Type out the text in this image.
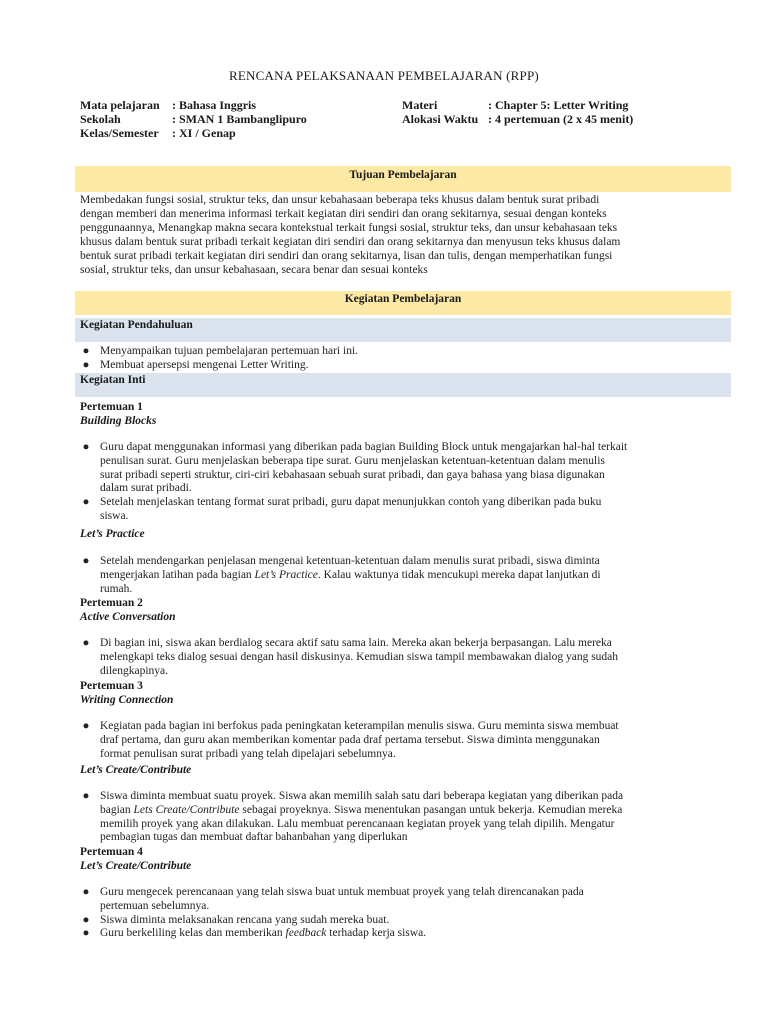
RENCANA PELAKSANAAN PEMBELAJARAN (RPP)
Mata pelajaran : Bahasa Inggris
Sekolah	: SMAN 1 Bambanglipuro
Kelas/Semester : XI / Genap
Materi	: Chapter 5: Letter Writing
Alokasi Waktu : 4 pertemuan (2 x 45 menit)
Tujuan Pembelajaran
Membedakan fungsi sosial, struktur teks, dan unsur kebahasaan beberapa teks khusus dalam bentuk surat pribadi
dengan memberi dan menerima informasi terkait kegiatan diri sendiri dan orang sekitarnya, sesuai dengan konteks
penggunaannya, Menangkap makna secara kontekstual terkait fungsi sosial, struktur teks, dan unsur kebahasaan teks
khusus dalam bentuk surat pribadi terkait kegiatan diri sendiri dan orang sekitarnya dan menyusun teks khusus dalam
bentuk surat pribadi terkait kegiatan diri sendiri dan orang sekitarnya, lisan dan tulis, dengan memperhatikan fungsi
sosial, struktur teks, dan unsur kebahasaan, secara benar dan sesuai konteks
Kegiatan Pembelajaran
Kegiatan Pendahuluan
● Menyampaikan tujuan pembelajaran pertemuan hari ini.
● Membuat apersepsi mengenai Letter Writing.
Kegiatan Inti
Pertemuan 1
Building Blocks
● Guru dapat menggunakan informasi yang diberikan pada bagian Building Block untuk mengajarkan hal-hal terkait
penulisan surat. Guru menjelaskan beberapa tipe surat. Guru menjelaskan ketentuan-ketentuan dalam menulis
surat pribadi seperti struktur, ciri-ciri kebahasaan sebuah surat pribadi, dan gaya bahasa yang biasa digunakan
dalam surat pribadi.
● Setelah menjelaskan tentang format surat pribadi, guru dapat menunjukkan contoh yang diberikan pada buku
siswa.
Let’s Practice
● Setelah mendengarkan penjelasan mengenai ketentuan-ketentuan dalam menulis surat pribadi, siswa diminta
mengerjakan latihan pada bagian Let’s Practice. Kalau waktunya tidak mencukupi mereka dapat lanjutkan di
rumah.
Pertemuan 2
Active Conversation
● Di bagian ini, siswa akan berdialog secara aktif satu sama lain. Mereka akan bekerja berpasangan. Lalu mereka
melengkapi teks dialog sesuai dengan hasil diskusinya. Kemudian siswa tampil membawakan dialog yang sudah
dilengkapinya.
Pertemuan 3
Writing Connection
● Kegiatan pada bagian ini berfokus pada peningkatan keterampilan menulis siswa. Guru meminta siswa membuat
draf pertama, dan guru akan memberikan komentar pada draf pertama tersebut. Siswa diminta menggunakan
format penulisan surat pribadi yang telah dipelajari sebelumnya.
Let’s Create/Contribute
● Siswa diminta membuat suatu proyek. Siswa akan memilih salah satu dari beberapa kegiatan yang diberikan pada
bagian Lets Create/Contribute sebagai proyeknya. Siswa menentukan pasangan untuk bekerja. Kemudian mereka
memilih proyek yang akan dilakukan. Lalu membuat perencanaan kegiatan proyek yang telah dipilih. Mengatur
pembagian tugas dan membuat daftar bahanbahan yang diperlukan
Pertemuan 4
Let’s Create/Contribute
● Guru mengecek perencanaan yang telah siswa buat untuk membuat proyek yang telah direncanakan pada
pertemuan sebelumnya.
● Siswa diminta melaksanakan rencana yang sudah mereka buat.
● Guru berkeliling kelas dan memberikan feedback terhadap kerja siswa.
